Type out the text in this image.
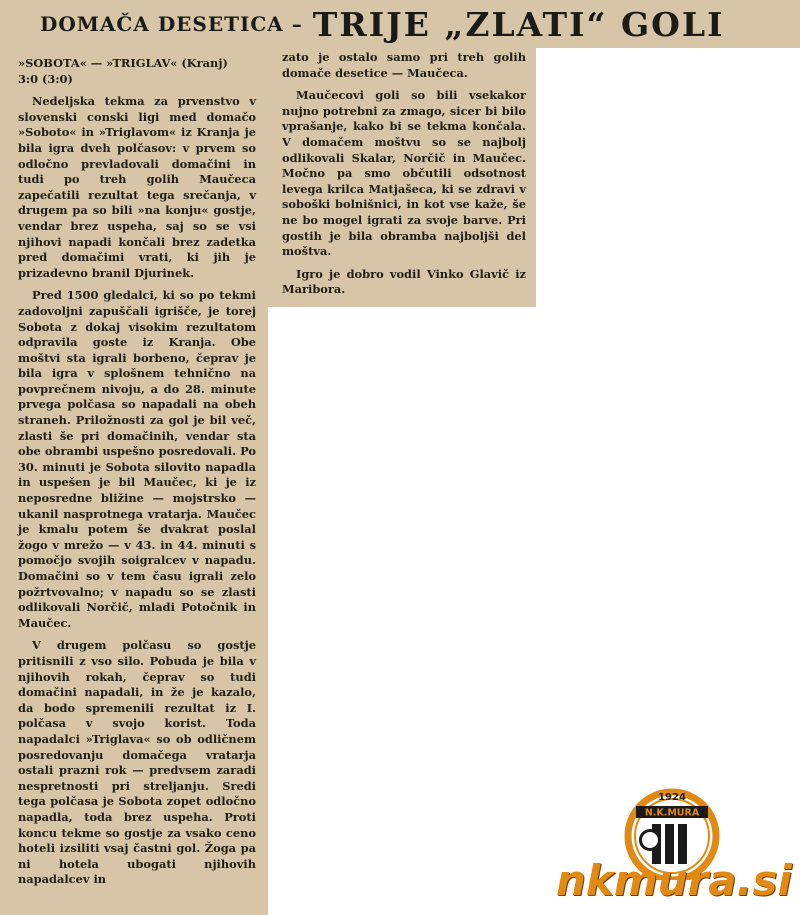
DOMAČA DESETICA – TRIJE „ZLATI“ GOLI

»SOBOTA« — »TRIGLAV« (Kranj)
3:0 (3:0)

Nedeljska tekma za prvenstvo v slovenski conski ligi med domačo »Soboto« in »Triglavom« iz Kranja je bila igra dveh polčasov: v prvem so odločno prevladovali domačini in tudi po treh golih Maučeca zapečatili rezultat tega srečanja, v drugem pa so bili »na konju« gostje, vendar brez uspeha, saj so se vsi njihovi napadi končali brez zadetka pred domačimi vrati, ki jih je prizadevno branil Djurinek.

Pred 1500 gledalci, ki so po tekmi zadovoljni zapuščali igrišče, je torej Sobota z dokaj visokim rezultatom odpravila goste iz Kranja. Obe moštvi sta igrali borbeno, čeprav je bila igra v splošnem tehnično na povprečnem nivoju, a do 28. minute prvega polčasa so napadali na obeh straneh. Priložnosti za gol je bil več, zlasti še pri domačinih, vendar sta obe obrambi uspešno posredovali. Po 30. minuti je Sobota silovito napadla in uspešen je bil Maučec, ki je iz neposredne bližine — mojstrsko — ukanil nasprotnega vratarja. Maučec je kmalu potem še dvakrat poslal žogo v mrežo — v 43. in 44. minuti s pomočjo svojih soigralcev v napadu. Domačini so v tem času igrali zelo požrtvovalno; v napadu so se zlasti odlikovali Norčič, mladi Potočnik in Maučec.

V drugem polčasu so gostje pritisnili z vso silo. Pobuda je bila v njihovih rokah, čeprav so tudi domačini napadali, in že je kazalo, da bodo spremenili rezultat iz I. polčasa v svojo korist. Toda napadalci »Triglava« so ob odličnem posredovanju domačega vratarja ostali prazni rok — predvsem zaradi nespretnosti pri streljanju. Sredi tega polčasa je Sobota zopet odločno napadla, toda brez uspeha. Proti koncu tekme so gostje za vsako ceno hoteli izsiliti vsaj častni gol. Žoga pa ni hotela ubogati njihovih napadalcev in

zato je ostalo samo pri treh golih domače desetice — Maučeca.

Maučecovi goli so bili vsekakor nujno potrebni za zmago, sicer bi bilo vprašanje, kako bi se tekma končala. V domačem moštvu so se najbolj odlikovali Skalar, Norčič in Maučec. Močno pa smo občutili odsotnost levega krilca Matjašeca, ki se zdravi v soboški bolnišnici, in kot vse kaže, še ne bo mogel igrati za svoje barve. Pri gostih je bila obramba najboljši del moštva.

Igro je dobro vodil Vinko Glavič iz Maribora.

1924
N.K.MURA
nkmura.si
